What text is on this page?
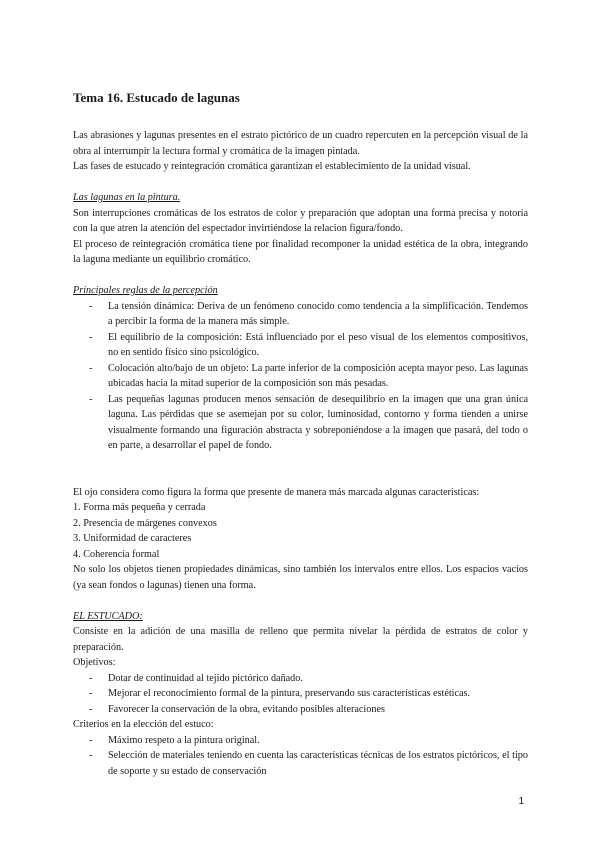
Tema 16. Estucado de lagunas

Las abrasiones y lagunas presentes en el estrato pictórico de un cuadro repercuten en la percepción visual de la obra al interrumpir la lectura formal y cromática de la imagen pintada.

Las fases de estucado y reintegración cromática garantizan el establecimiento de la unidad visual.

Las lagunas en la pintura.

Son interrupciones cromáticas de los estratos de color y preparación que adoptan una forma precisa y notoria con la que atren la atención del espectador invirtiéndose la relacion figura/fondo.

El proceso de reintegración cromática tiene por finalidad recomponer la unidad estética de la obra, integrando la laguna mediante un equilibrio cromático.

Principales reglas de la percepción

- La tensión dinámica: Deriva de un fenómeno conocido como tendencia a la simplificación. Tendemos a percibir la forma de la manera más simple.
- El equilibrio de la composición: Está influenciado por el peso visual de los elementos compositivos, no en sentido físico sino psicológico.
- Colocación alto/bajo de un objeto: La parte inferior de la composición acepta mayor peso. Las lagunas ubicadas hacia la mitad superior de la composición son más pesadas.
- Las pequeñas lagunas producen menos sensación de desequilibrio en la imagen que una gran única laguna. Las pérdidas que se asemejan por su color, luminosidad, contorno y forma tienden a unirse visualmente formando una figuración abstracta y sobreponiéndose a la imagen que pasará, del todo o en parte, a desarrollar el papel de fondo.

El ojo considera como figura la forma que presente de manera más marcada algunas características:

1. Forma más pequeña y cerrada

2. Presencia de márgenes convexos

3. Uniformidad de caracteres

4. Coherencia formal

No solo los objetos tienen propiedades dinámicas, sino también los intervalos entre ellos. Los espacios vacíos (ya sean fondos o lagunas) tienen una forma.

EL ESTUCADO:

Consiste en la adición de una masilla de relleno que permita nivelar la pérdida de estratos de color y preparación.

Objetivos:

- Dotar de continuidad al tejido pictórico dañado.
- Mejorar el reconocimiento formal de la pintura, preservando sus características estéticas.
- Favorecer la conservación de la obra, evitando posibles alteraciones

Criterios en la elección del estuco:

- Máximo respeto a la pintura original.
- Selección de materiales teniendo en cuenta las características técnicas de los estratos pictóricos, el tipo de soporte y su estado de conservación
1
